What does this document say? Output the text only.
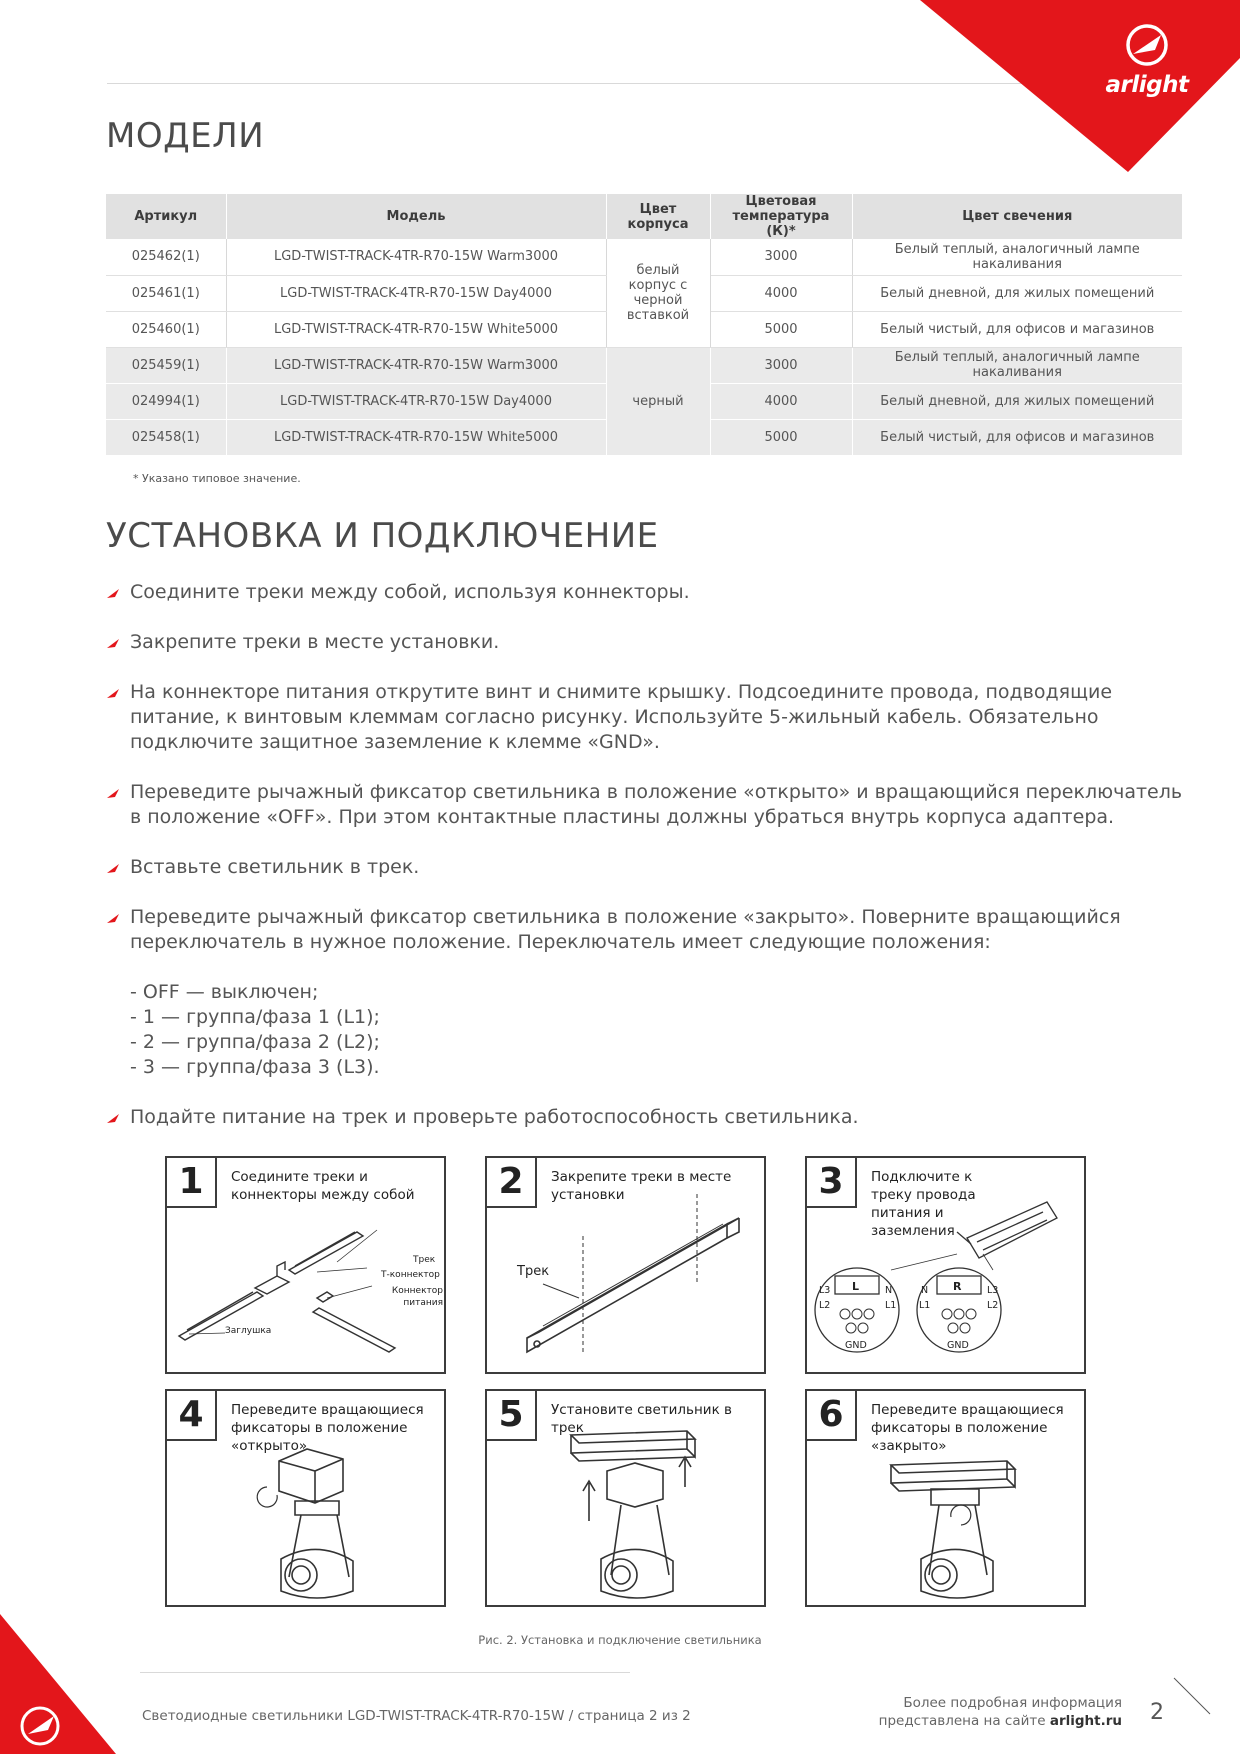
arlight
МОДЕЛИ
Артикул	Модель	Цвет корпуса	Цветовая температура (К)*	Цвет свечения
025462(1)	LGD-TWIST-TRACK-4TR-R70-15W Warm3000	белый корпус с черной вставкой	3000	Белый теплый, аналогичный лампе накаливания
025461(1)	LGD-TWIST-TRACK-4TR-R70-15W Day4000		4000	Белый дневной, для жилых помещений
025460(1)	LGD-TWIST-TRACK-4TR-R70-15W White5000		5000	Белый чистый, для офисов и магазинов
025459(1)	LGD-TWIST-TRACK-4TR-R70-15W Warm3000	черный	3000	Белый теплый, аналогичный лампе накаливания
024994(1)	LGD-TWIST-TRACK-4TR-R70-15W Day4000		4000	Белый дневной, для жилых помещений
025458(1)	LGD-TWIST-TRACK-4TR-R70-15W White5000		5000	Белый чистый, для офисов и магазинов
* Указано типовое значение.
УСТАНОВКА И ПОДКЛЮЧЕНИЕ
Соедините треки между собой, используя коннекторы.
Закрепите треки в месте установки.
На коннекторе питания открутите винт и снимите крышку. Подсоедините провода, подводящие питание, к винтовым клеммам согласно рисунку. Используйте 5-жильный кабель. Обязательно подключите защитное заземление к клемме «GND».
Переведите рычажный фиксатор светильника в положение «открыто» и вращающийся переключатель в положение «OFF». При этом контактные пластины должны убраться внутрь корпуса адаптера.
Вставьте светильник в трек.
Переведите рычажный фиксатор светильника в положение «закрыто». Поверните вращающийся переключатель в нужное положение. Переключатель имеет следующие положения:
- OFF — выключен;
- 1 — группа/фаза 1 (L1);
- 2 — группа/фаза 2 (L2);
- 3 — группа/фаза 3 (L3).
Подайте питание на трек и проверьте работоспособность светильника.
1	Соедините треки и коннекторы между собой
Трек
Т-коннектор
Коннектор питания
Заглушка
2	Закрепите треки в месте установки
Трек
L	R
L3
L2
N
L1
GND
N
L1
L3
L2
GND
3	Подключите к треку провода питания и заземления
4	Переведите вращающиеся фиксаторы в положение «открыто»
5	Установите светильник в трек	6	Переведите вращающиеся фиксаторы в положение «закрыто»
Рис. 2. Установка и подключение светильника
Светодиодные светильники LGD-TWIST-TRACK-4TR-R70-15W / страница 2 из 2
Более подробная информация
представлена на сайте arlight.ru 2
